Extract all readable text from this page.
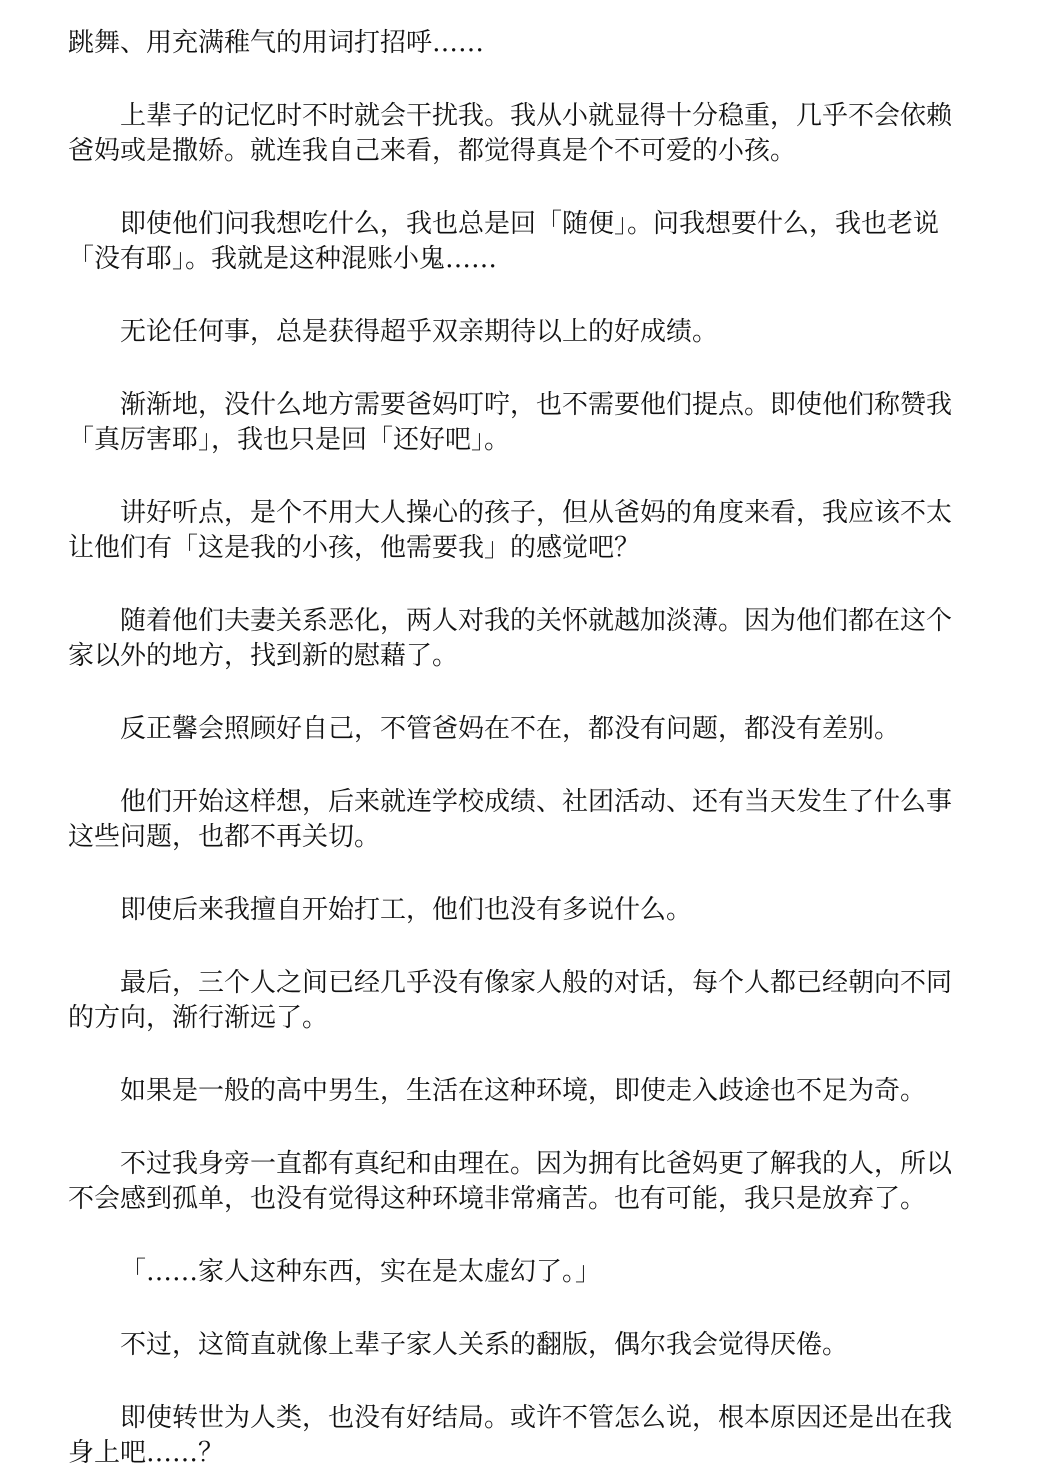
跳舞、用充满稚气的用词打招呼……
上辈子的记忆时不时就会干扰我。我从小就显得十分稳重，几乎不会依赖
爸妈或是撒娇。就连我自己来看，都觉得真是个不可爱的小孩。
即使他们问我想吃什么，我也总是回「随便」。问我想要什么，我也老说
「没有耶」。我就是这种混账小鬼……
无论任何事，总是获得超乎双亲期待以上的好成绩。
渐渐地，没什么地方需要爸妈叮咛，也不需要他们提点。即使他们称赞我
「真厉害耶」，我也只是回「还好吧」。
讲好听点，是个不用大人操心的孩子，但从爸妈的角度来看，我应该不太
让他们有「这是我的小孩，他需要我」的感觉吧？
随着他们夫妻关系恶化，两人对我的关怀就越加淡薄。因为他们都在这个
家以外的地方，找到新的慰藉了。
反正馨会照顾好自己，不管爸妈在不在，都没有问题，都没有差别。
他们开始这样想，后来就连学校成绩、社团活动、还有当天发生了什么事
这些问题，也都不再关切。
即使后来我擅自开始打工，他们也没有多说什么。
最后，三个人之间已经几乎没有像家人般的对话，每个人都已经朝向不同
的方向，渐行渐远了。
如果是一般的高中男生，生活在这种环境，即使走入歧途也不足为奇。
不过我身旁一直都有真纪和由理在。因为拥有比爸妈更了解我的人，所以
不会感到孤单，也没有觉得这种环境非常痛苦。也有可能，我只是放弃了。
「……家人这种东西，实在是太虚幻了。」
不过，这简直就像上辈子家人关系的翻版，偶尔我会觉得厌倦。
即使转世为人类，也没有好结局。或许不管怎么说，根本原因还是出在我
身上吧……？
